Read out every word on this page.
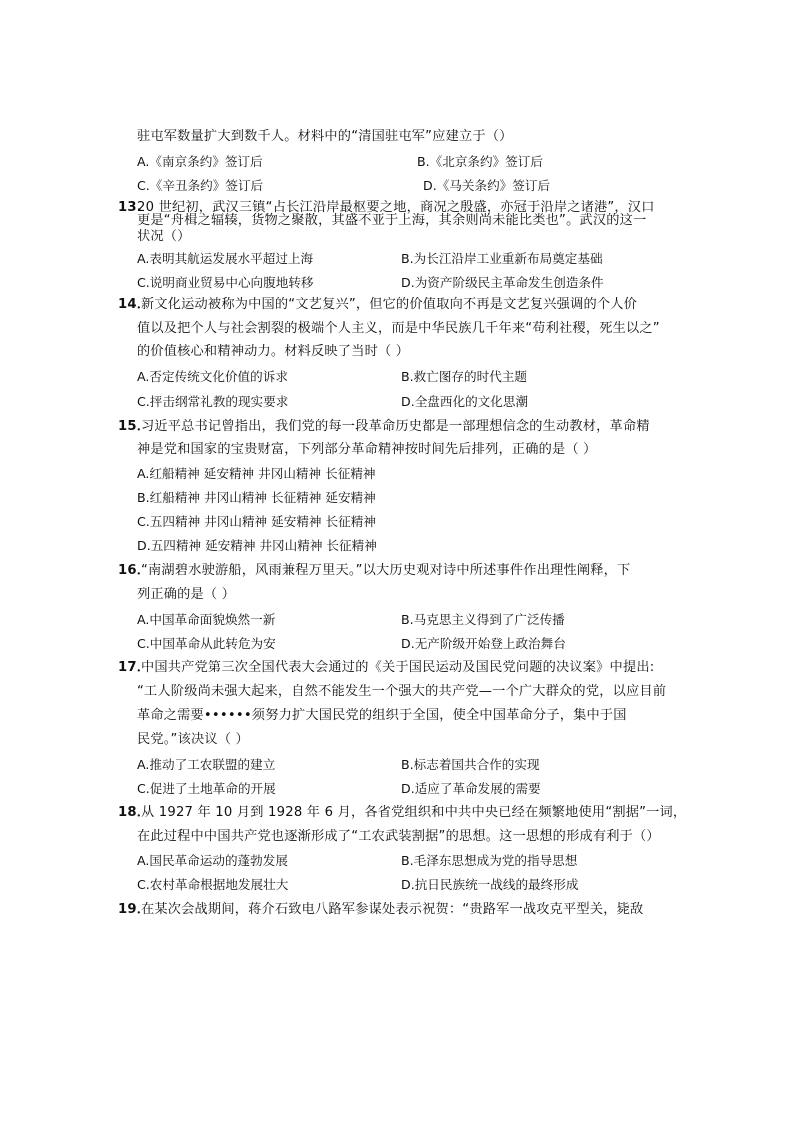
驻屯军数量扩大到数千人。材料中的“清国驻屯军”应建立于（）
A.《南京条约》签订后	B.《北京条约》签订后
C.《辛丑条约》签订后	D.《马关条约》签订后
13.
20 世纪初，武汉三镇“占长江沿岸最枢要之地，商况之殷盛，亦冠于沿岸之诸港”，汉口
更是“舟楫之辐辏，货物之聚散，其盛不亚于上海，其余则尚未能比类也”。武汉的这一
状况（）
A.表明其航运发展水平超过上海	B.为长江沿岸工业重新布局奠定基础
C.说明商业贸易中心向腹地转移	D.为资产阶级民主革命发生创造条件
14．
新文化运动被称为中国的“文艺复兴”，但它的价值取向不再是文艺复兴强调的个人价
值以及把个人与社会割裂的极端个人主义，而是中华民族几千年来“苟利社稷，死生以之”
的价值核心和精神动力。材料反映了当时（ ）
A.否定传统文化价值的诉求	B.救亡图存的时代主题
C.抨击纲常礼教的现实要求	D.全盘西化的文化思潮
15．
习近平总书记曾指出，我们党的每一段革命历史都是一部理想信念的生动教材，革命精
神是党和国家的宝贵财富，下列部分革命精神按时间先后排列，正确的是（ ）
A.红船精神 延安精神 井冈山精神 长征精神
B.红船精神 井冈山精神 长征精神 延安精神
C.五四精神 井冈山精神 延安精神 长征精神
D.五四精神 延安精神 井冈山精神 长征精神
16．
“南湖碧水驶游船，风雨兼程万里天。”以大历史观对诗中所述事件作出理性阐释，下
列正确的是（ ）
A.中国革命面貌焕然一新	B.马克思主义得到了广泛传播
C.中国革命从此转危为安	D.无产阶级开始登上政治舞台
17．
中国共产党第三次全国代表大会通过的《关于国民运动及国民党问题的决议案》中提出:
“工人阶级尚未强大起来，自然不能发生一个强大的共产党—一个广大群众的党，以应目前
革命之需要••••••须努力扩大国民党的组织于全国，使全中国革命分子，集中于国
民党。”该决议（ ）
A.推动了工农联盟的建立	B.标志着国共合作的实现
C.促进了土地革命的开展	D.适应了革命发展的需要
18．
从 1927 年 10 月到 1928 年 6 月，各省党组织和中共中央已经在频繁地使用“割据”一词，
在此过程中中国共产党也逐渐形成了“工农武装割据”的思想。这一思想的形成有利于（）
A.国民革命运动的蓬勃发展	B.毛泽东思想成为党的指导思想
C.农村革命根据地发展壮大	D.抗日民族统一战线的最终形成
19．
在某次会战期间，蒋介石致电八路军参谋处表示祝贺：“贵路军一战攻克平型关，毙敌
